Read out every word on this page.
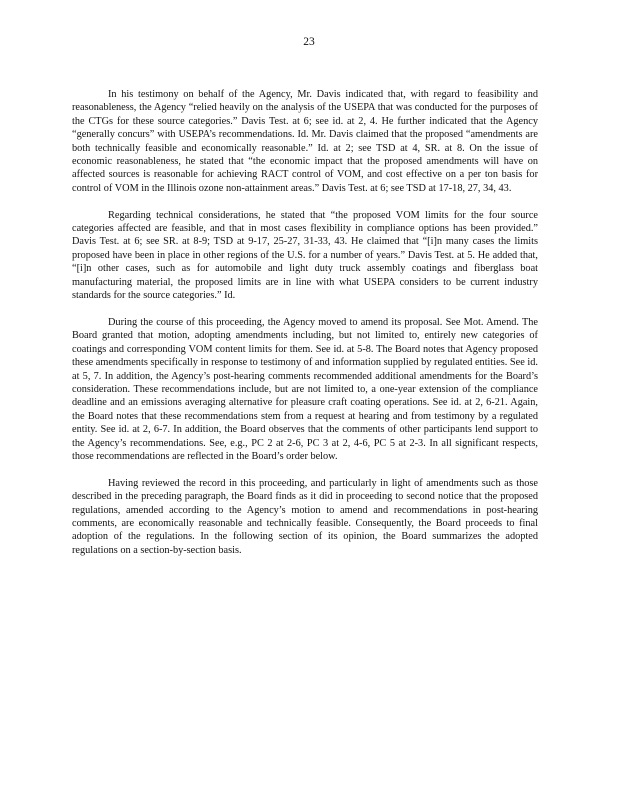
23

In his testimony on behalf of the Agency, Mr. Davis indicated that, with regard to feasibility and reasonableness, the Agency “relied heavily on the analysis of the USEPA that was conducted for the purposes of the CTGs for these source categories.” Davis Test. at 6; see id. at 2, 4. He further indicated that the Agency “generally concurs” with USEPA’s recommendations. Id. Mr. Davis claimed that the proposed “amendments are both technically feasible and economically reasonable.” Id. at 2; see TSD at 4, SR. at 8. On the issue of economic reasonableness, he stated that “the economic impact that the proposed amendments will have on affected sources is reasonable for achieving RACT control of VOM, and cost effective on a per ton basis for control of VOM in the Illinois ozone non-attainment areas.” Davis Test. at 6; see TSD at 17-18, 27, 34, 43.

Regarding technical considerations, he stated that “the proposed VOM limits for the four source categories affected are feasible, and that in most cases flexibility in compliance options has been provided.” Davis Test. at 6; see SR. at 8-9; TSD at 9-17, 25-27, 31-33, 43. He claimed that “[i]n many cases the limits proposed have been in place in other regions of the U.S. for a number of years.” Davis Test. at 5. He added that, “[i]n other cases, such as for automobile and light duty truck assembly coatings and fiberglass boat manufacturing material, the proposed limits are in line with what USEPA considers to be current industry standards for the source categories.” Id.

During the course of this proceeding, the Agency moved to amend its proposal. See Mot. Amend. The Board granted that motion, adopting amendments including, but not limited to, entirely new categories of coatings and corresponding VOM content limits for them. See id. at 5-8. The Board notes that Agency proposed these amendments specifically in response to testimony of and information supplied by regulated entities. See id. at 5, 7. In addition, the Agency’s post-hearing comments recommended additional amendments for the Board’s consideration. These recommendations include, but are not limited to, a one-year extension of the compliance deadline and an emissions averaging alternative for pleasure craft coating operations. See id. at 2, 6-21. Again, the Board notes that these recommendations stem from a request at hearing and from testimony by a regulated entity. See id. at 2, 6-7. In addition, the Board observes that the comments of other participants lend support to the Agency’s recommendations. See, e.g., PC 2 at 2-6, PC 3 at 2, 4-6, PC 5 at 2-3. In all significant respects, those recommendations are reflected in the Board’s order below.

Having reviewed the record in this proceeding, and particularly in light of amendments such as those described in the preceding paragraph, the Board finds as it did in proceeding to second notice that the proposed regulations, amended according to the Agency’s motion to amend and recommendations in post-hearing comments, are economically reasonable and technically feasible. Consequently, the Board proceeds to final adoption of the regulations. In the following section of its opinion, the Board summarizes the adopted regulations on a section-by-section basis.
